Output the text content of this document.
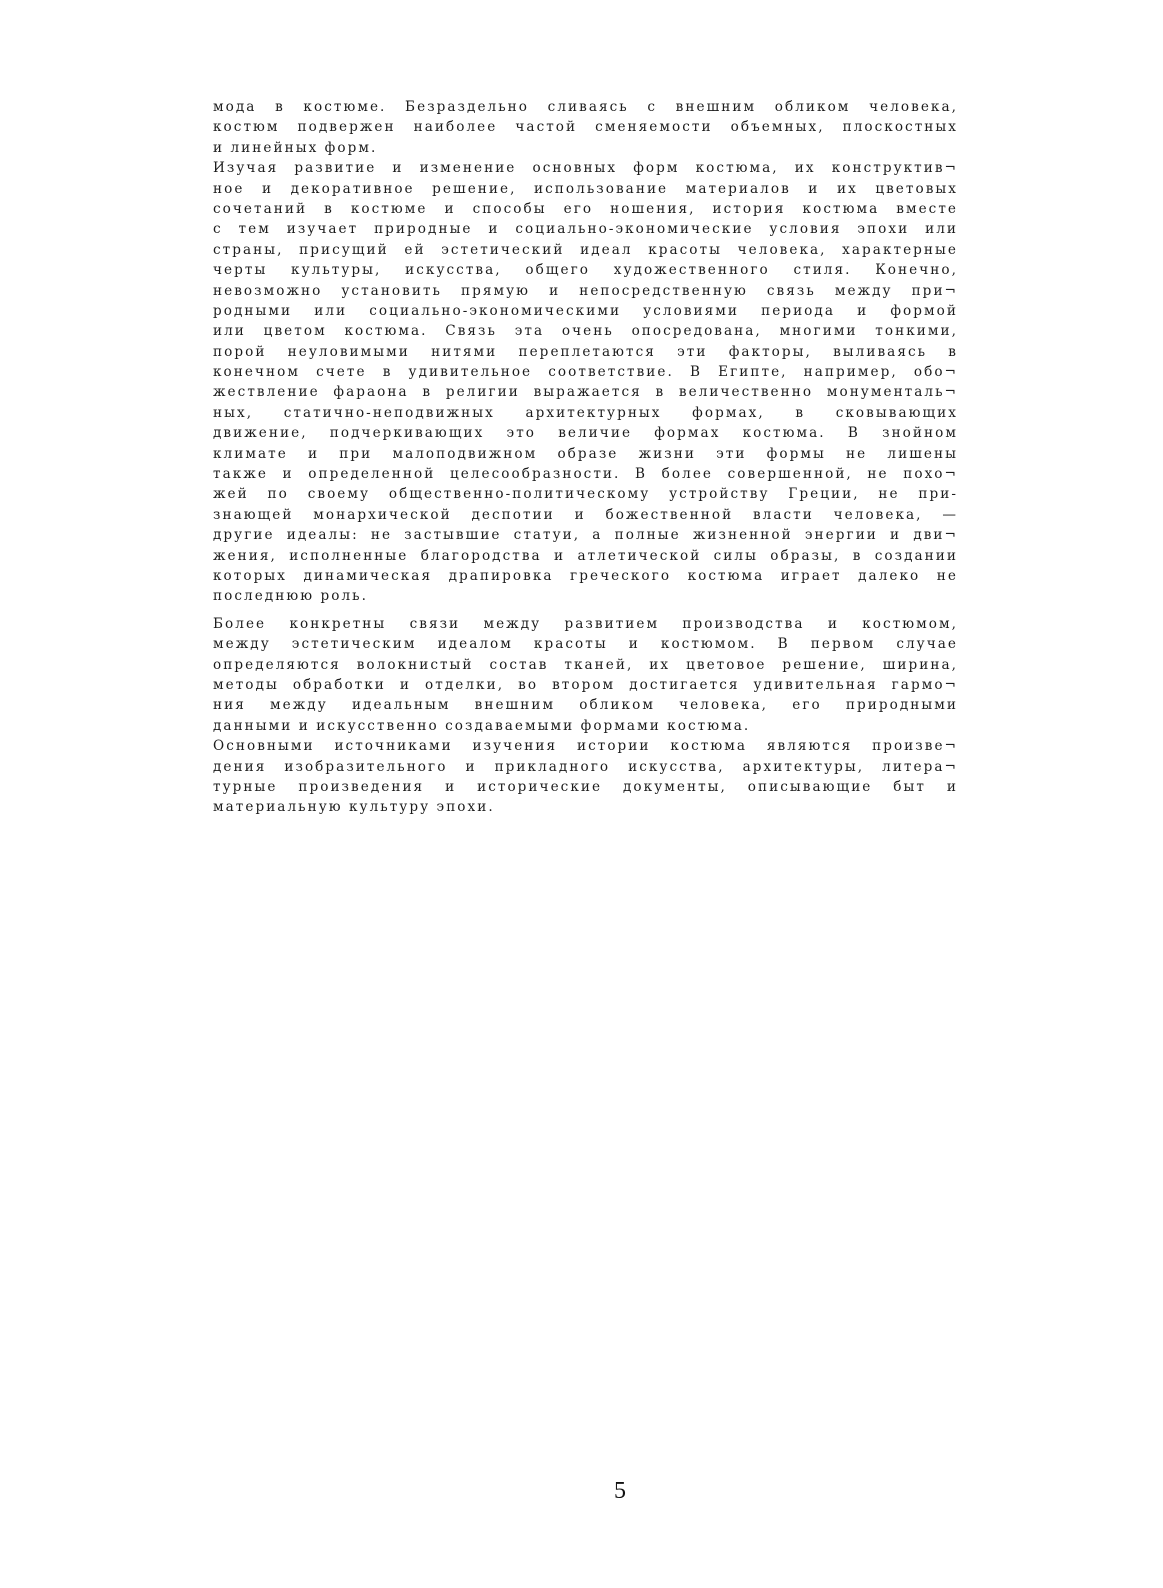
мода в костюме. Безраздельно сливаясь с внешним обликом человека,
костюм подвержен наиболее частой сменяемости объемных, плоскостных
и линейных форм.
Изучая развитие и изменение основных форм костюма, их конструктив¬
ное и декоративное решение, использование материалов и их цветовых
сочетаний в костюме и способы его ношения, история костюма вместе
с тем изучает природные и социально-экономические условия эпохи или
страны, присущий ей эстетический идеал красоты человека, характерные
черты культуры, искусства, общего художественного стиля. Конечно,
невозможно установить прямую и непосредственную связь между при¬
родными или социально-экономическими условиями периода и формой
или цветом костюма. Связь эта очень опосредована, многими тонкими,
порой неуловимыми нитями переплетаются эти факторы, выливаясь в
конечном счете в удивительное соответствие. В Египте, например, обо¬
жествление фараона в религии выражается в величественно монументаль¬
ных, статично-неподвижных архитектурных формах, в сковывающих
движение, подчеркивающих это величие формах костюма. В знойном
климате и при малоподвижном образе жизни эти формы не лишены
также и определенной целесообразности. В более совершенной, не похо¬
жей по своему общественно-политическому устройству Греции, не при-
знающей монархической деспотии и божественной власти человека, —
другие идеалы: не застывшие статуи, а полные жизненной энергии и дви¬
жения, исполненные благородства и атлетической силы образы, в создании
которых динамическая драпировка греческого костюма играет далеко не
последнюю роль.
Более конкретны связи между развитием производства и костюмом,
между эстетическим идеалом красоты и костюмом. В первом случае
определяются волокнистый состав тканей, их цветовое решение, ширина,
методы обработки и отделки, во втором достигается удивительная гармо¬
ния между идеальным внешним обликом человека, его природными
данными и искусственно создаваемыми формами костюма.
Основными источниками изучения истории костюма являются произве¬
дения изобразительного и прикладного искусства, архитектуры, литера¬
турные произведения и исторические документы, описывающие быт и
материальную культуру эпохи.
5
